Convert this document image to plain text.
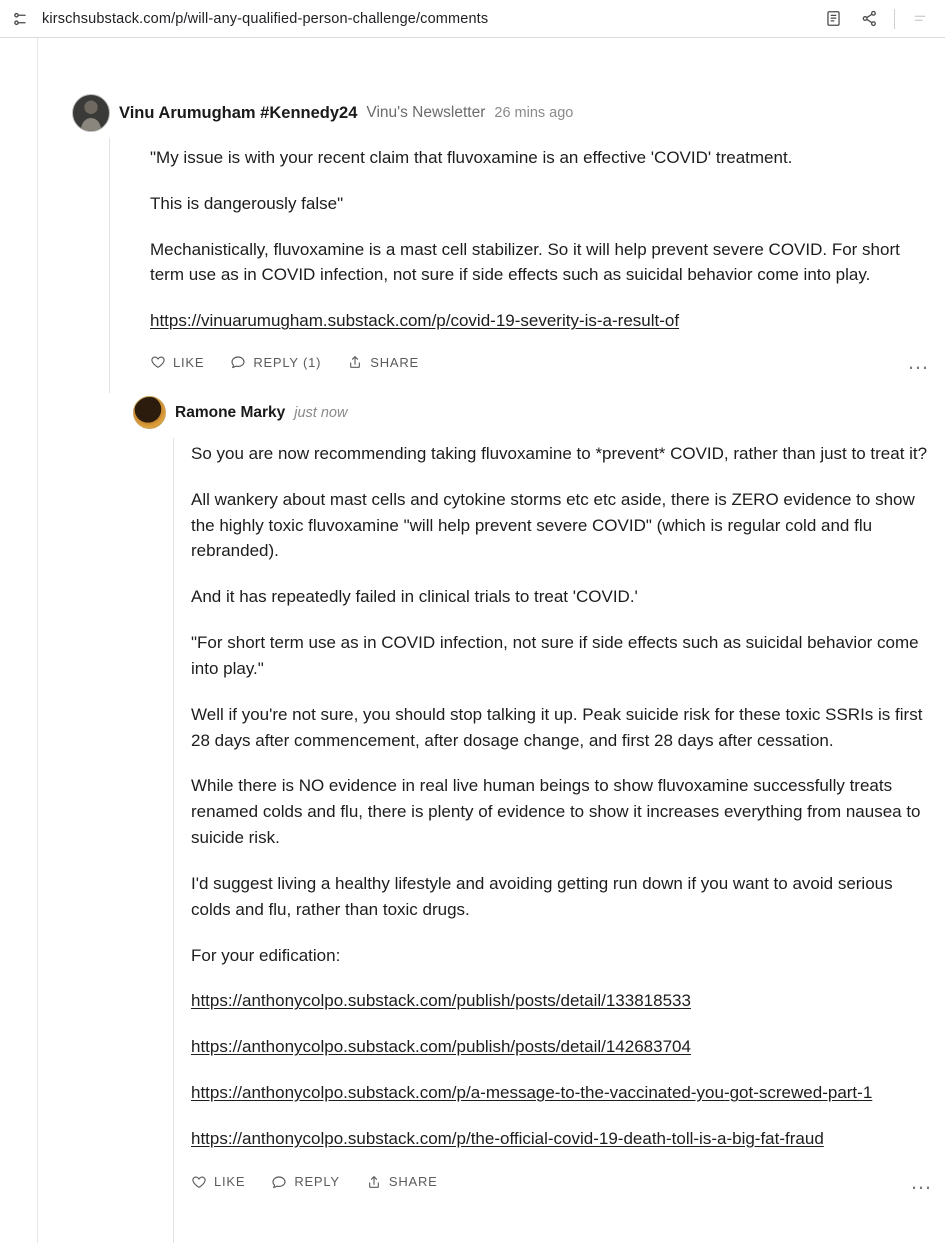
kirschsubstack.com/p/will-any-qualified-person-challenge/comments
Vinu Arumugham #Kennedy24 Vinu's Newsletter 26 mins ago

"My issue is with your recent claim that fluvoxamine is an effective 'COVID' treatment.

This is dangerously false"

Mechanistically, fluvoxamine is a mast cell stabilizer. So it will help prevent severe COVID. For short term use as in COVID infection, not sure if side effects such as suicidal behavior come into play.

https://vinuarumugham.substack.com/p/covid-19-severity-is-a-result-of

LIKE	REPLY (1)	SHARE	…
Ramone Marky just now

So you are now recommending taking fluvoxamine to *prevent* COVID, rather than just to treat it?

All wankery about mast cells and cytokine storms etc etc aside, there is ZERO evidence to show the highly toxic fluvoxamine "will help prevent severe COVID" (which is regular cold and flu rebranded).

And it has repeatedly failed in clinical trials to treat 'COVID.'

"For short term use as in COVID infection, not sure if side effects such as suicidal behavior come into play."

Well if you're not sure, you should stop talking it up. Peak suicide risk for these toxic SSRIs is first 28 days after commencement, after dosage change, and first 28 days after cessation.

While there is NO evidence in real live human beings to show fluvoxamine successfully treats renamed colds and flu, there is plenty of evidence to show it increases everything from nausea to suicide risk.

I'd suggest living a healthy lifestyle and avoiding getting run down if you want to avoid serious colds and flu, rather than toxic drugs.

For your edification:

https://anthonycolpo.substack.com/publish/posts/detail/133818533

https://anthonycolpo.substack.com/publish/posts/detail/142683704

https://anthonycolpo.substack.com/p/a-message-to-the-vaccinated-you-got-screwed-part-1

https://anthonycolpo.substack.com/p/the-official-covid-19-death-toll-is-a-big-fat-fraud

LIKE	REPLY	SHARE	…
